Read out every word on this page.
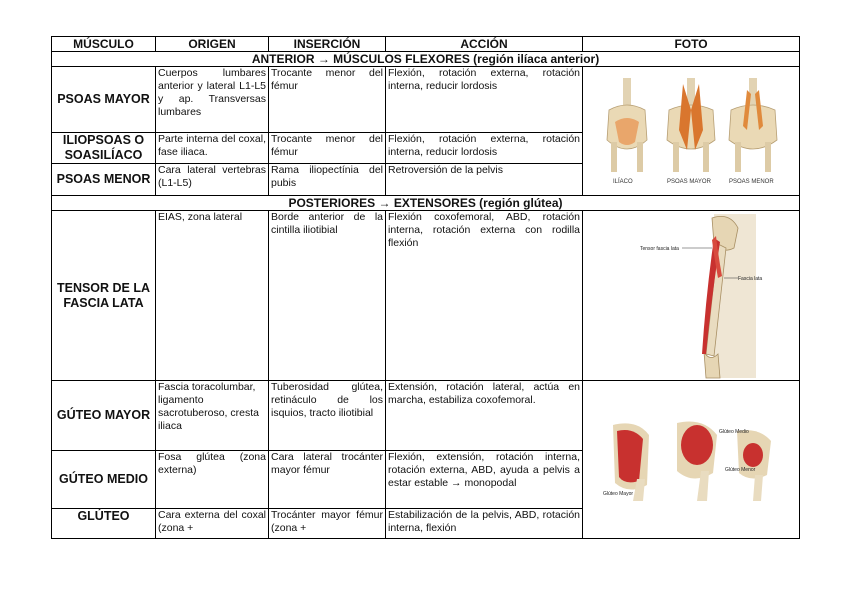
MÚSCULO	ORIGEN	INSERCIÓN	ACCIÓN	FOTO
ANTERIOR → MÚSCULOS FLEXORES (región ilíaca anterior)				
PSOAS MAYOR	Cuerpos lumbares anterior y lateral L1-L5 y ap. Transversas lumbares	Trocante menor del fémur	Flexión, rotación externa, rotación interna, reducir lordosis	ILÍACO PSOAS MAYOR PSOAS MENOR

ILIOPSOAS O SOASILÍACO	Parte interna del coxal, fase iliaca.	Trocante menor del fémur	Flexión, rotación externa, rotación interna, reducir lordosis	
PSOAS MENOR	Cara lateral vertebras (L1-L5)	Rama iliopectínia del pubis	Retroversión de la pelvis	
POSTERIORES → EXTENSORES (región glútea)				
TENSOR DE LA FASCIA LATA	EIAS, zona lateral	Borde anterior de la cintilla iliotibial	Flexión coxofemoral, ABD, rotación interna, rotación externa con rodilla flexión	Tensor fascia lata
Fascia lata

GÚTEO MAYOR	Fascia toracolumbar, ligamento sacrotuberoso, cresta iliaca	Tuberosidad glútea, retináculo de los isquios, tracto iliotibial	Extensión, rotación lateral, actúa en marcha, estabiliza coxofemoral.	Glúteo Mayor
Glúteo Medio
Glúteo Menor

GÚTEO MEDIO	Fosa glútea (zona externa)	Cara lateral trocánter mayor fémur	Flexión, extensión, rotación interna, rotación externa, ABD, ayuda a pelvis a estar estable → monopodal	
GLÚTEO	Cara externa del coxal (zona +	Trocánter mayor fémur (zona +	Estabilización de la pelvis, ABD, rotación interna, flexión	
